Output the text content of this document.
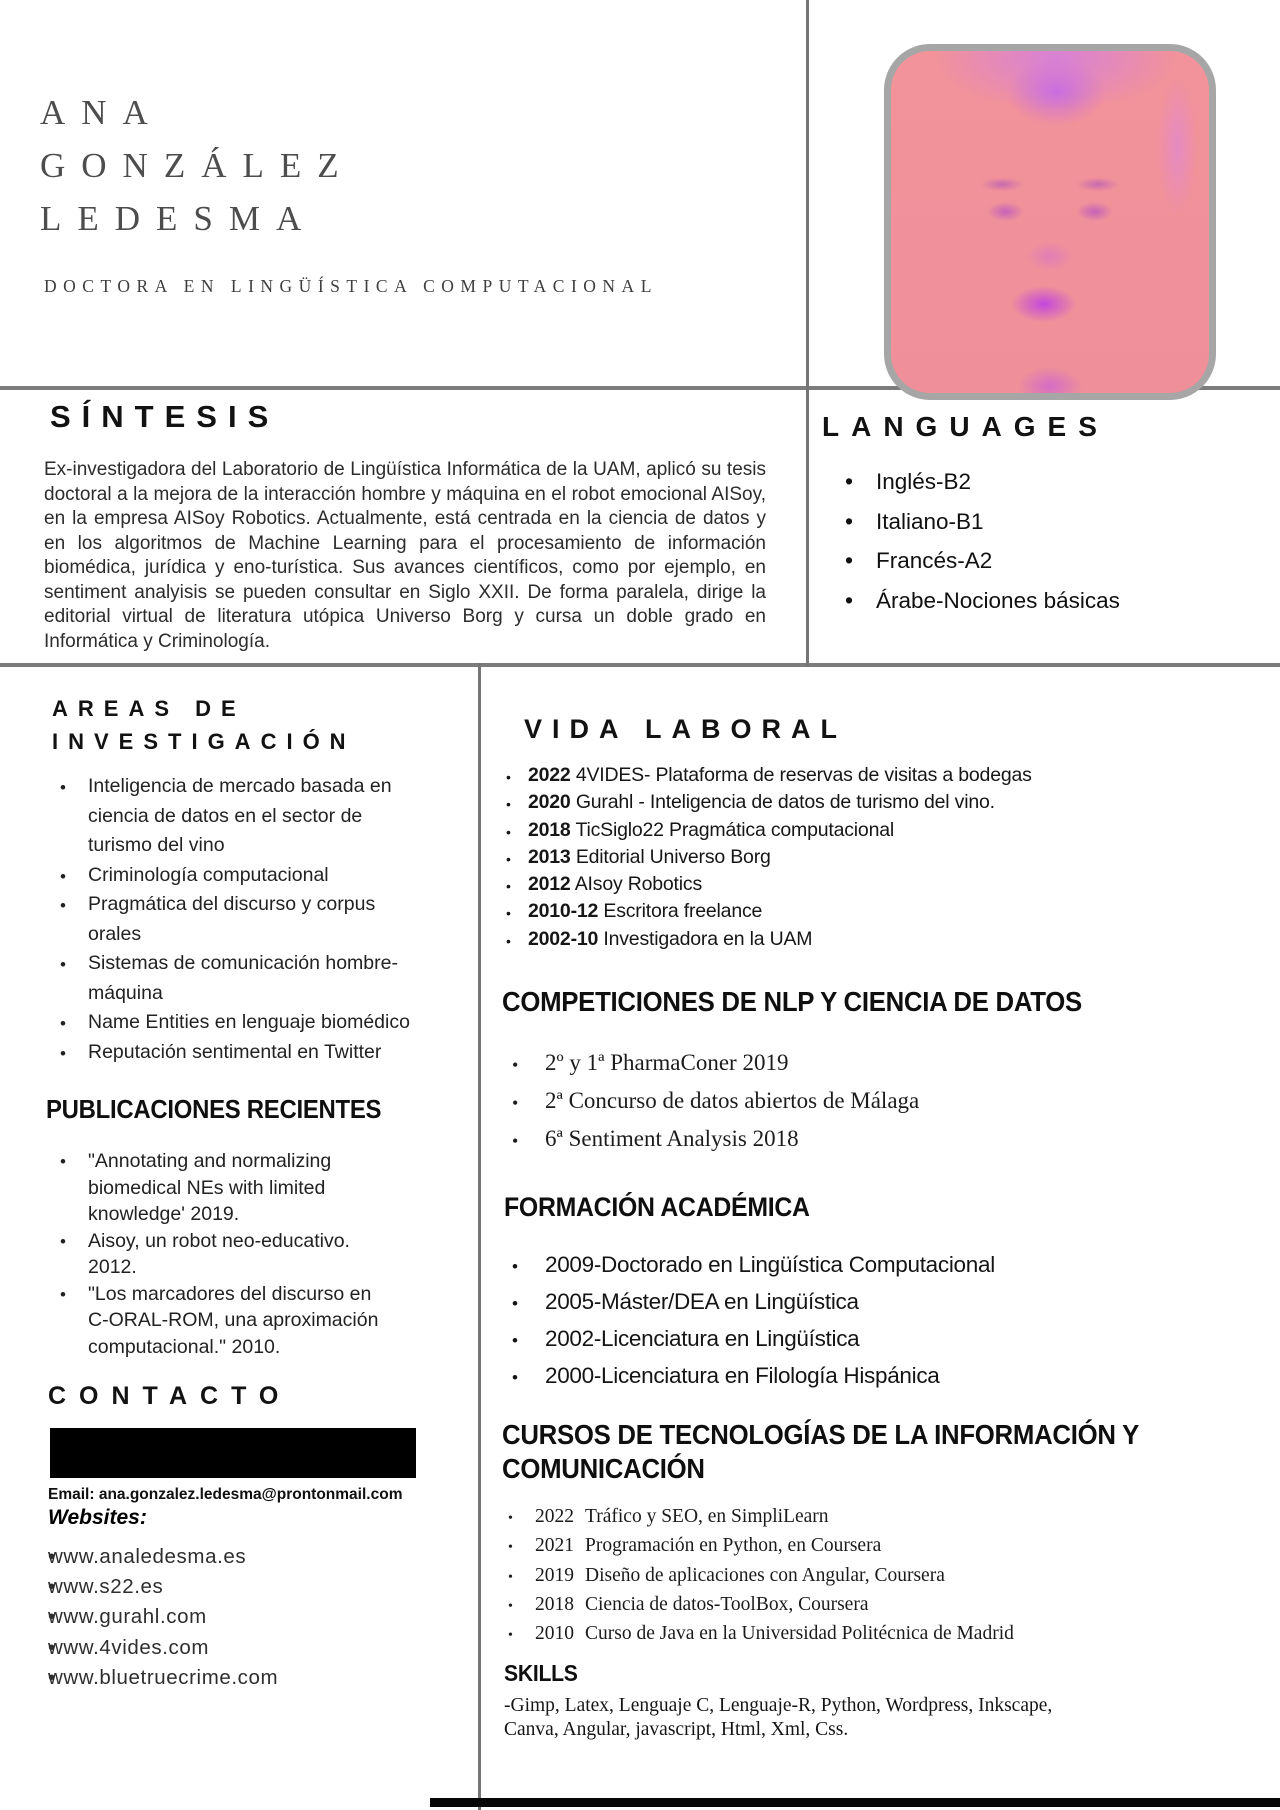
ANA
GONZÁLEZ
LEDESMA
DOCTORA EN LINGÜÍSTICA COMPUTACIONAL
SÍNTESIS
Ex-investigadora del Laboratorio de Lingüística Informática de la UAM, aplicó su tesis doctoral a la mejora de la interacción hombre y máquina en el robot emocional AISoy, en la empresa AISoy Robotics. Actualmente, está centrada en la ciencia de datos y en los algoritmos de Machine Learning para el procesamiento de información biomédica, jurídica y eno-turística. Sus avances científicos, como por ejemplo, en sentiment analyisis se pueden consultar en Siglo XXII. De forma paralela, dirige la editorial virtual de literatura utópica Universo Borg y cursa un doble grado en Informática y Criminología.
LANGUAGES
• Inglés-B2
• Italiano-B1
• Francés-A2
• Árabe-Nociones básicas
AREAS DE
INVESTIGACIÓN
• Inteligencia de mercado basada en ciencia de datos en el sector de turismo del vino
• Criminología computacional
• Pragmática del discurso y corpus orales
• Sistemas de comunicación hombre-máquina
• Name Entities en lenguaje biomédico
• Reputación sentimental en Twitter
PUBLICACIONES RECIENTES
• "Annotating and normalizing biomedical NEs with limited knowledge' 2019.
• Aisoy, un robot neo-educativo. 2012.
• "Los marcadores del discurso en C-ORAL-ROM, una aproximación computacional." 2010.
CONTACTO
Email: ana.gonzalez.ledesma@prontonmail.com
Websites:
• www.analedesma.es
• www.s22.es
• www.gurahl.com
• www.4vides.com
• www.bluetruecrime.com
VIDA LABORAL
• 2022 4VIDES- Plataforma de reservas de visitas a bodegas
• 2020 Gurahl - Inteligencia de datos de turismo del vino.
• 2018 TicSiglo22 Pragmática computacional
• 2013 Editorial Universo Borg
• 2012 AIsoy Robotics
• 2010-12 Escritora freelance
• 2002-10 Investigadora en la UAM
COMPETICIONES DE NLP Y CIENCIA DE DATOS
• 2º y 1ª PharmaConer 2019
• 2ª Concurso de datos abiertos de Málaga
• 6ª Sentiment Analysis 2018
FORMACIÓN ACADÉMICA
• 2009-Doctorado en Lingüística Computacional
• 2005-Máster/DEA en Lingüística
• 2002-Licenciatura en Lingüística
• 2000-Licenciatura en Filología Hispánica
CURSOS DE TECNOLOGÍAS DE LA INFORMACIÓN Y COMUNICACIÓN
• 2022 Tráfico y SEO, en SimpliLearn
• 2021 Programación en Python, en Coursera
• 2019 Diseño de aplicaciones con Angular, Coursera
• 2018 Ciencia de datos-ToolBox, Coursera
• 2010 Curso de Java en la Universidad Politécnica de Madrid
SKILLS
-Gimp, Latex, Lenguaje C, Lenguaje-R, Python, Wordpress, Inkscape, Canva, Angular, javascript, Html, Xml, Css.
